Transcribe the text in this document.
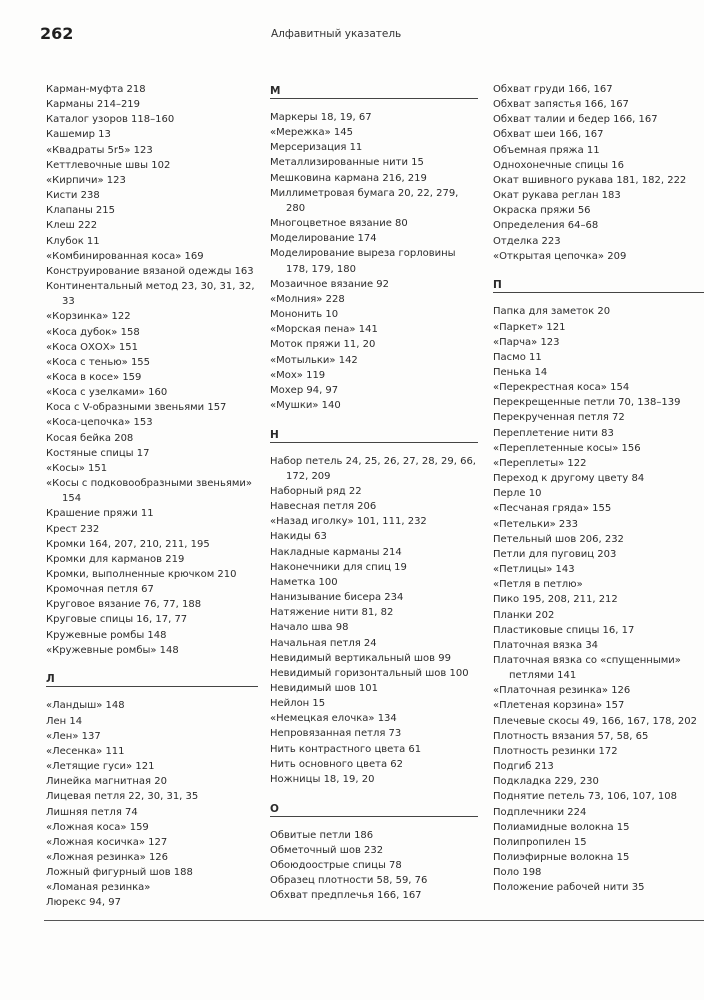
262	Алфавитный указатель
Карман-муфта 218
Карманы 214–219
Каталог узоров 118–160
Кашемир 13
«Квадраты 5r5» 123
Кеттлевочные швы 102
«Кирпичи» 123
Кисти 238
Клапаны 215
Клеш 222
Клубок 11
«Комбинированная коса» 169
Конструирование вязаной одежды 163
Континентальный метод 23, 30, 31, 32, 33
«Корзинка» 122
«Коса дубок» 158
«Коса ОХОХ» 151
«Коса с тенью» 155
«Коса в косе» 159
«Коса с узелками» 160
Коса с V-образными звеньями 157
«Коса-цепочка» 153
Косая бейка 208
Костяные спицы 17
«Косы» 151
«Косы с подковообразными звеньями» 154
Крашение пряжи 11
Крест 232
Кромки 164, 207, 210, 211, 195
Кромки для карманов 219
Кромки, выполненные крючком 210
Кромочная петля 67
Круговое вязание 76, 77, 188
Круговые спицы 16, 17, 77
Кружевные ромбы 148
«Кружевные ромбы» 148
Л
«Ландыш» 148
Лен 14
«Лен» 137
«Лесенка» 111
«Летящие гуси» 121
Линейка магнитная 20
Лицевая петля 22, 30, 31, 35
Лишняя петля 74
«Ложная коса» 159
«Ложная косичка» 127
«Ложная резинка» 126
Ложный фигурный шов 188
«Ломаная резинка»
Люрекс 94, 97
М
Маркеры 18, 19, 67
«Мережка» 145
Мерсеризация 11
Металлизированные нити 15
Мешковина кармана 216, 219
Миллиметровая бумага 20, 22, 279, 280
Многоцветное вязание 80
Моделирование 174
Моделирование выреза горловины 178, 179, 180
Мозаичное вязание 92
«Молния» 228
Мононить 10
«Морская пена» 141
Моток пряжи 11, 20
«Мотыльки» 142
«Мох» 119
Мохер 94, 97
«Мушки» 140
Н
Набор петель 24, 25, 26, 27, 28, 29, 66, 172, 209
Наборный ряд 22
Навесная петля 206
«Назад иголку» 101, 111, 232
Накиды 63
Накладные карманы 214
Наконечники для спиц 19
Наметка 100
Нанизывание бисера 234
Натяжение нити 81, 82
Начало шва 98
Начальная петля 24
Невидимый вертикальный шов 99
Невидимый горизонтальный шов 100
Невидимый шов 101
Нейлон 15
«Немецкая елочка» 134
Непровязанная петля 73
Нить контрастного цвета 61
Нить основного цвета 62
Ножницы 18, 19, 20
О
Обвитые петли 186
Обметочный шов 232
Обоюдоострые спицы 78
Образец плотности 58, 59, 76
Обхват предплечья 166, 167
Обхват груди 166, 167
Обхват запястья 166, 167
Обхват талии и бедер 166, 167
Обхват шеи 166, 167
Объемная пряжа 11
Однохонечные спицы 16
Окат вшивного рукава 181, 182, 222
Окат рукава реглан 183
Окраска пряжи 56
Определения 64–68
Отделка 223
«Открытая цепочка» 209
П
Папка для заметок 20
«Паркет» 121
«Парча» 123
Пасмо 11
Пенька 14
«Перекрестная коса» 154
Перекрещенные петли 70, 138–139
Перекрученная петля 72
Переплетение нити 83
«Переплетенные косы» 156
«Переплеты» 122
Переход к другому цвету 84
Перле 10
«Песчаная гряда» 155
«Петельки» 233
Петельный шов 206, 232
Петли для пуговиц 203
«Петлицы» 143
«Петля в петлю»
Пико 195, 208, 211, 212
Планки 202
Пластиковые спицы 16, 17
Платочная вязка 34
Платочная вязка со «спущенными» петлями 141
«Платочная резинка» 126
«Плетеная корзина» 157
Плечевые скосы 49, 166, 167, 178, 202
Плотность вязания 57, 58, 65
Плотность резинки 172
Подгиб 213
Подкладка 229, 230
Поднятие петель 73, 106, 107, 108
Подплечники 224
Полиамидные волокна 15
Полипропилен 15
Полиэфирные волокна 15
Поло 198
Положение рабочей нити 35
